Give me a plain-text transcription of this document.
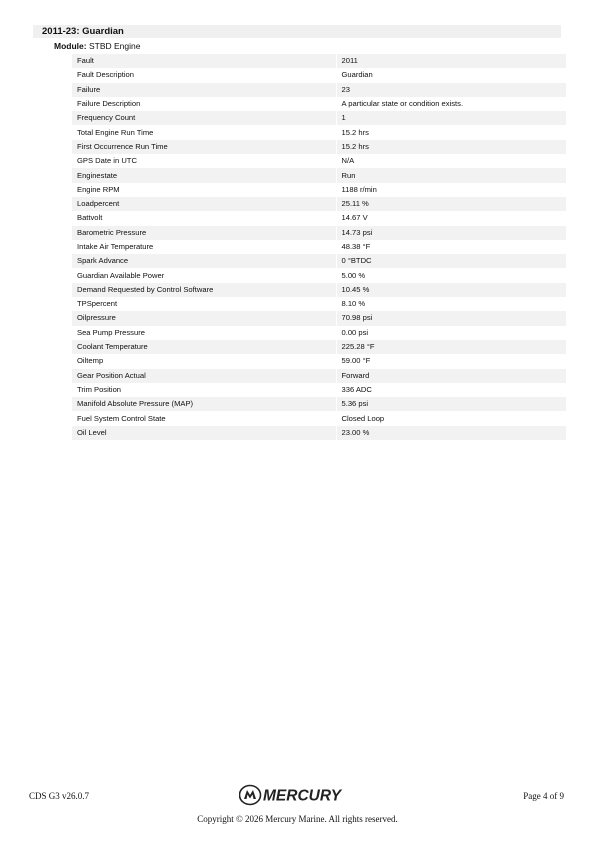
2011-23: Guardian
Module: STBD Engine
Fault	2011
Fault Description	Guardian
Failure	23
Failure Description	A particular state or condition exists.
Frequency Count	1
Total Engine Run Time	15.2 hrs
First Occurrence Run Time	15.2 hrs
GPS Date in UTC	N/A
Enginestate	Run
Engine RPM	1188 r/min
Loadpercent	25.11 %
Battvolt	14.67 V
Barometric Pressure	14.73 psi
Intake Air Temperature	48.38 °F
Spark Advance	0 °BTDC
Guardian Available Power	5.00 %
Demand Requested by Control Software	10.45 %
TPSpercent	8.10 %
Oilpressure	70.98 psi
Sea Pump Pressure	0.00 psi
Coolant Temperature	225.28 °F
Oiltemp	59.00 °F
Gear Position Actual	Forward
Trim Position	336 ADC
Manifold Absolute Pressure (MAP)	5.36 psi
Fuel System Control State	Closed Loop
Oil Level	23.00 %
CDS G3 v26.0.7	MERCURY	Page 4 of 9
Copyright © 2026 Mercury Marine. All rights reserved.
